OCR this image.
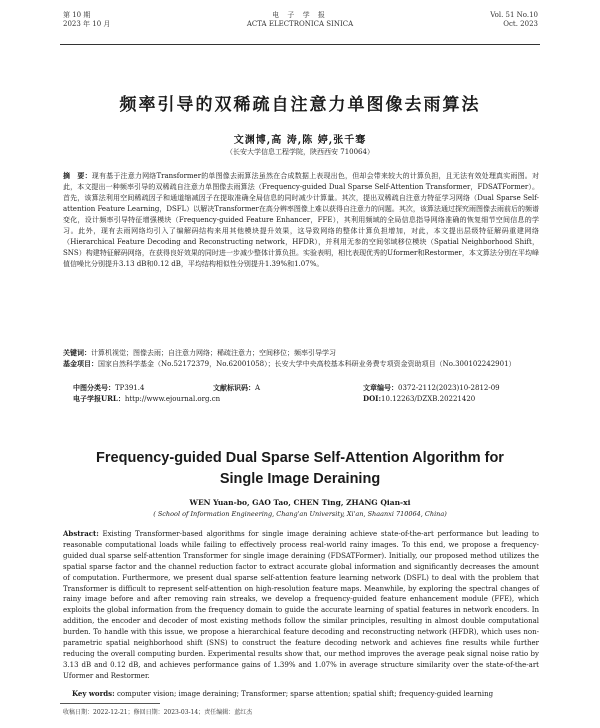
第 10 期
2023 年 10 月
电 子 学 报
ACTA ELECTRONICA SINICA
Vol. 51 No.10
Oct. 2023
频率引导的双稀疏自注意力单图像去雨算法
文渊博,高 涛,陈 婷,张千骞
（长安大学信息工程学院，陕西西安 710064）
摘　要：现有基于注意力网络Transformer的单图像去雨算法虽然在合成数据上表现出色，但却会带来较大的计算负担，且无法有效处理真实雨图。对此，本文提出一种频率引导的双稀疏自注意力单图像去雨算法（Frequency-guided Dual Sparse Self-Attention Transformer，FDSATFormer）。首先，该算法利用空间稀疏因子和通道缩减因子在提取准确全局信息的同时减少计算量。其次，提出双稀疏自注意力特征学习网络（Dual Sparse Self-attention Feature Learning，DSFL）以解决Transformer在高分辨率图像上难以获得自注意力的问题。其次，该算法通过探究雨图像去雨前后的频谱变化，设计频率引导特征增强模块（Frequency-guided Feature Enhancer，FFE），其利用频域的全局信息指导网络准确的恢复细节空间信息的学习。此外，现有去雨网络均引入了编解码结构来用其他模块提升效果，这导致网络的整体计算负担增加，对此，本文提出层级特征解码重建网络（Hierarchical Feature Decoding and Reconstructing network，HFDR），并利用无参的空间邻域移位模块（Spatial Neighborhood Shift，SNS）构建特征解码网络，在获得良好效果的同时进一步减少整体计算负担。实验表明，相比表现优秀的Uformer和Restormer，本文算法分别在平均峰值信噪比分别提升3.13 dB和0.12 dB，平均结构相似性分别提升1.39%和1.07%。
关键词：计算机视觉；图像去雨；自注意力网络；稀疏注意力；空间移位；频率引导学习
基金项目：国家自然科学基金（No.52172379，No.62001058）；长安大学中央高校基本科研业务费专项资金资助项目（No.300102242901）
中图分类号：TP391.4	文献标识码：A	文章编号：0372-2112(2023)10-2812-09
电子学报URL：http://www.ejournal.org.cn	DOI:10.12263/DZXB.20221420
Frequency-guided Dual Sparse Self-Attention Algorithm for
Single Image Deraining
WEN Yuan-bo, GAO Tao, CHEN Ting, ZHANG Qian-xi
( School of Information Engineering, Chang'an University, Xi'an, Shaanxi 710064, China)
Abstract: Existing Transformer-based algorithms for single image deraining achieve state-of-the-art performance but leading to reasonable computational loads while failing to effectively process real-world rainy images. To this end, we propose a frequency-guided dual sparse self-attention Transformer for single image deraining (FDSATFormer). Initially, our proposed method utilizes the spatial sparse factor and the channel reduction factor to extract accurate global information and significantly decreases the amount of computation. Furthermore, we present dual sparse self-attention feature learning network (DSFL) to deal with the problem that Transformer is difficult to represent self-attention on high-resolution feature maps. Meanwhile, by exploring the spectral changes of rainy image before and after removing rain streaks, we develop a frequency-guided feature enhancement module (FFE), which exploits the global information from the frequency domain to guide the accurate learning of spatial features in network encoders. In addition, the encoder and decoder of most existing methods follow the similar principles, resulting in almost double computational burden. To handle with this issue, we propose a hierarchical feature decoding and reconstructing network (HFDR), which uses non-parametric spatial neighborhood shift (SNS) to construct the feature decoding network and achieves fine results while further reducing the overall computing burden. Experimental results show that, our method improves the average peak signal noise ratio by 3.13 dB and 0.12 dB, and achieves performance gains of 1.39% and 1.07% in average structure similarity over the state-of-the-art Uformer and Restormer.
Key words: computer vision; image deraining; Transformer; sparse attention; spatial shift; frequency-guided learning
收稿日期：2022-12-21；修回日期：2023-03-14；责任编辑：蓝红杰
